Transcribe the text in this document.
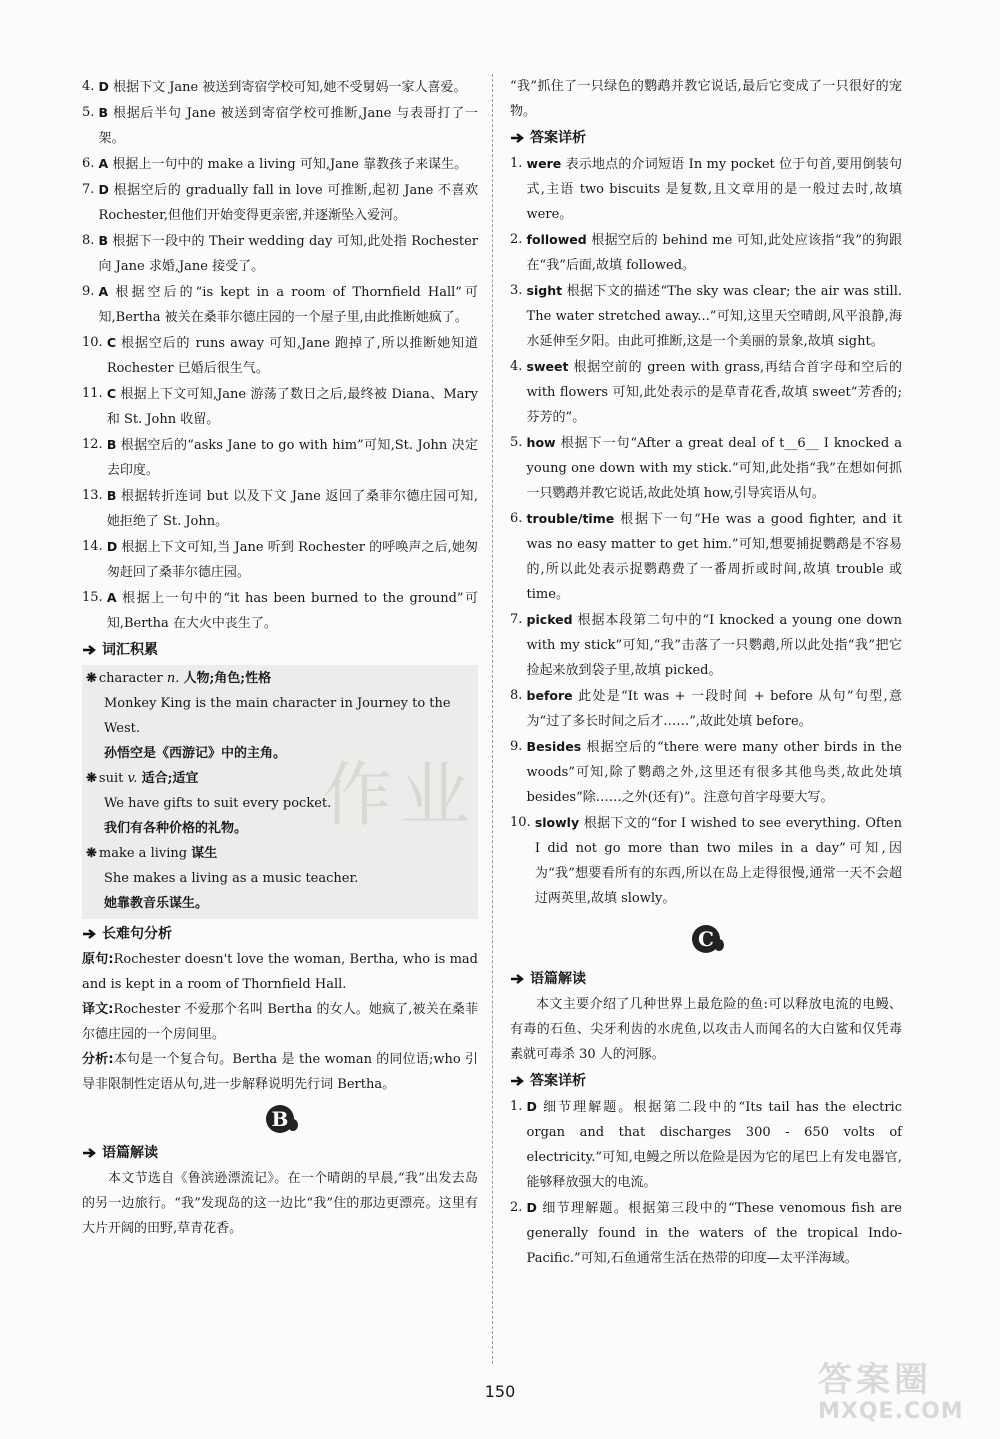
4. D 根据下文 Jane 被送到寄宿学校可知,她不受舅妈一家人喜爱。
5. B 根据后半句 Jane 被送到寄宿学校可推断,Jane 与表哥打了一架。
6. A 根据上一句中的 make a living 可知,Jane 靠教孩子来谋生。
7. D 根据空后的 gradually fall in love 可推断,起初 Jane 不喜欢 Rochester,但他们开始变得更亲密,并逐渐坠入爱河。
8. B 根据下一段中的 Their wedding day 可知,此处指 Rochester 向 Jane 求婚,Jane 接受了。
9. A 根据空后的“is kept in a room of Thornfield Hall”可知,Bertha 被关在桑菲尔德庄园的一个屋子里,由此推断她疯了。
10. C 根据空后的 runs away 可知,Jane 跑掉了,所以推断她知道 Rochester 已婚后很生气。
11. C 根据上下文可知,Jane 游荡了数日之后,最终被 Diana、Mary 和 St. John 收留。
12. B 根据空后的“asks Jane to go with him”可知,St. John 决定去印度。
13. B 根据转折连词 but 以及下文 Jane 返回了桑菲尔德庄园可知,她拒绝了 St. John。
14. D 根据上下文可知,当 Jane 听到 Rochester 的呼唤声之后,她匆匆赶回了桑菲尔德庄园。
15. A 根据上一句中的“it has been burned to the ground”可知,Bertha 在大火中丧生了。
词汇积累
作业

❋ character n. 人物;角色;性格

Monkey King is the main character in Journey to the West.

孙悟空是《西游记》中的主角。

❋ suit v. 适合;适宜

We have gifts to suit every pocket.

我们有各种价格的礼物。

❋ make a living 谋生

She makes a living as a music teacher.

她靠教音乐谋生。

长难句分析

原句:Rochester doesn't love the woman, Bertha, who is mad and is kept in a room of Thornfield Hall.

译文:Rochester 不爱那个名叫 Bertha 的女人。她疯了,被关在桑菲尔德庄园的一个房间里。

分析:本句是一个复合句。Bertha 是 the woman 的同位语;who 引导非限制性定语从句,进一步解释说明先行词 Bertha。

B
语篇解读

本文节选自《鲁滨逊漂流记》。在一个晴朗的早晨,“我”出发去岛的另一边旅行。“我”发现岛的这一边比“我”住的那边更漂亮。这里有大片开阔的田野,草青花香。

“我”抓住了一只绿色的鹦鹉并教它说话,最后它变成了一只很好的宠物。

答案详析
1. were 表示地点的介词短语 In my pocket 位于句首,要用倒装句式,主语 two biscuits 是复数,且文章用的是一般过去时,故填 were。
2. followed 根据空后的 behind me 可知,此处应该指“我”的狗跟在“我”后面,故填 followed。
3. sight 根据下文的描述“The sky was clear; the air was still. The water stretched away...”可知,这里天空晴朗,风平浪静,海水延伸至夕阳。由此可推断,这是一个美丽的景象,故填 sight。
4. sweet 根据空前的 green with grass,再结合首字母和空后的 with flowers 可知,此处表示的是草青花香,故填 sweet“芳香的;芬芳的”。
5. how 根据下一句“After a great deal of t__6__ I knocked a young one down with my stick.”可知,此处指“我”在想如何抓一只鹦鹉并教它说话,故此处填 how,引导宾语从句。
6. trouble/time 根据下一句“He was a good fighter, and it was no easy matter to get him.”可知,想要捕捉鹦鹉是不容易的,所以此处表示捉鹦鹉费了一番周折或时间,故填 trouble 或 time。
7. picked 根据本段第二句中的“I knocked a young one down with my stick”可知,“我”击落了一只鹦鹉,所以此处指“我”把它捡起来放到袋子里,故填 picked。
8. before 此处是“It was + 一段时间 + before 从句”句型,意为“过了多长时间之后才……”,故此处填 before。
9. Besides 根据空后的“there were many other birds in the woods”可知,除了鹦鹉之外,这里还有很多其他鸟类,故此处填 besides“除……之外(还有)”。注意句首字母要大写。
10. slowly 根据下文的“for I wished to see everything. Often I did not go more than two miles in a day”可知,因为“我”想要看所有的东西,所以在岛上走得很慢,通常一天不会超过两英里,故填 slowly。
C
语篇解读

本文主要介绍了几种世界上最危险的鱼:可以释放电流的电鳗、有毒的石鱼、尖牙利齿的水虎鱼,以攻击人而闻名的大白鲨和仅凭毒素就可毒杀 30 人的河豚。

答案详析
1. D 细节理解题。根据第二段中的“Its tail has the electric organ and that discharges 300 - 650 volts of electricity.”可知,电鳗之所以危险是因为它的尾巴上有发电器官,能够释放强大的电流。
2. D 细节理解题。根据第三段中的“These venomous fish are generally found in the waters of the tropical Indo-Pacific.”可知,石鱼通常生活在热带的印度—太平洋海域。
150	答案圈
MXQE.COM
